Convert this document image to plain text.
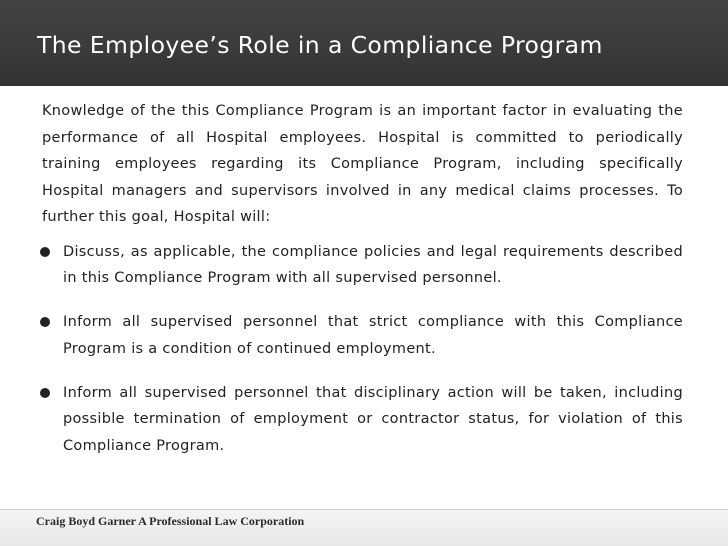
The Employee’s Role in a Compliance Program

Knowledge of the this Compliance Program is an important factor in evaluating the performance of all Hospital employees. Hospital is committed to periodically training employees regarding its Compliance Program, including specifically Hospital managers and supervisors involved in any medical claims processes. To further this goal, Hospital will:

Discuss, as applicable, the compliance policies and legal requirements described in this Compliance Program with all supervised personnel.
Inform all supervised personnel that strict compliance with this Compliance Program is a condition of continued employment.
Inform all supervised personnel that disciplinary action will be taken, including possible termination of employment or contractor status, for violation of this Compliance Program.
Craig Boyd Garner A Professional Law Corporation
